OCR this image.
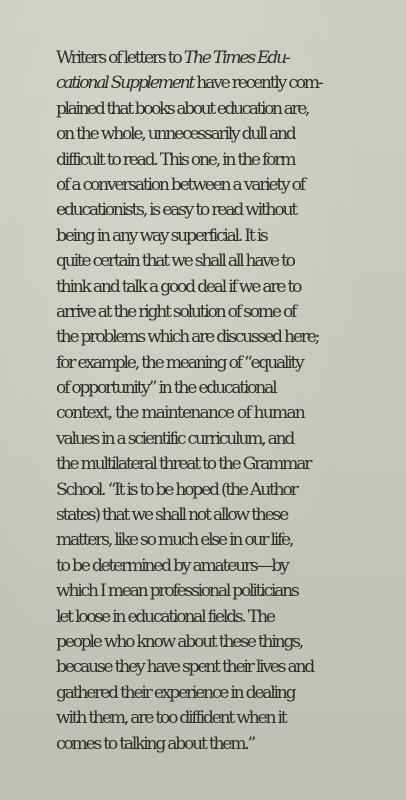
Writers of letters to The Times Edu-
cational Supplement have recently com-
plained that books about education are,
on the whole, unnecessarily dull and
difficult to read. This one, in the form
of a conversation between a variety of
educationists, is easy to read without
being in any way superficial. It is
quite certain that we shall all have to
think and talk a good deal if we are to
arrive at the right solution of some of
the problems which are discussed here;
for example, the meaning of “equality
of opportunity” in the educational
context, the maintenance of human
values in a scientific curriculum, and
the multilateral threat to the Grammar
School. “It is to be hoped (the Author
states) that we shall not allow these
matters, like so much else in our life,
to be determined by amateurs—by
which I mean professional politicians
let loose in educational fields. The
people who know about these things,
because they have spent their lives and
gathered their experience in dealing
with them, are too diffident when it
comes to talking about them.”
